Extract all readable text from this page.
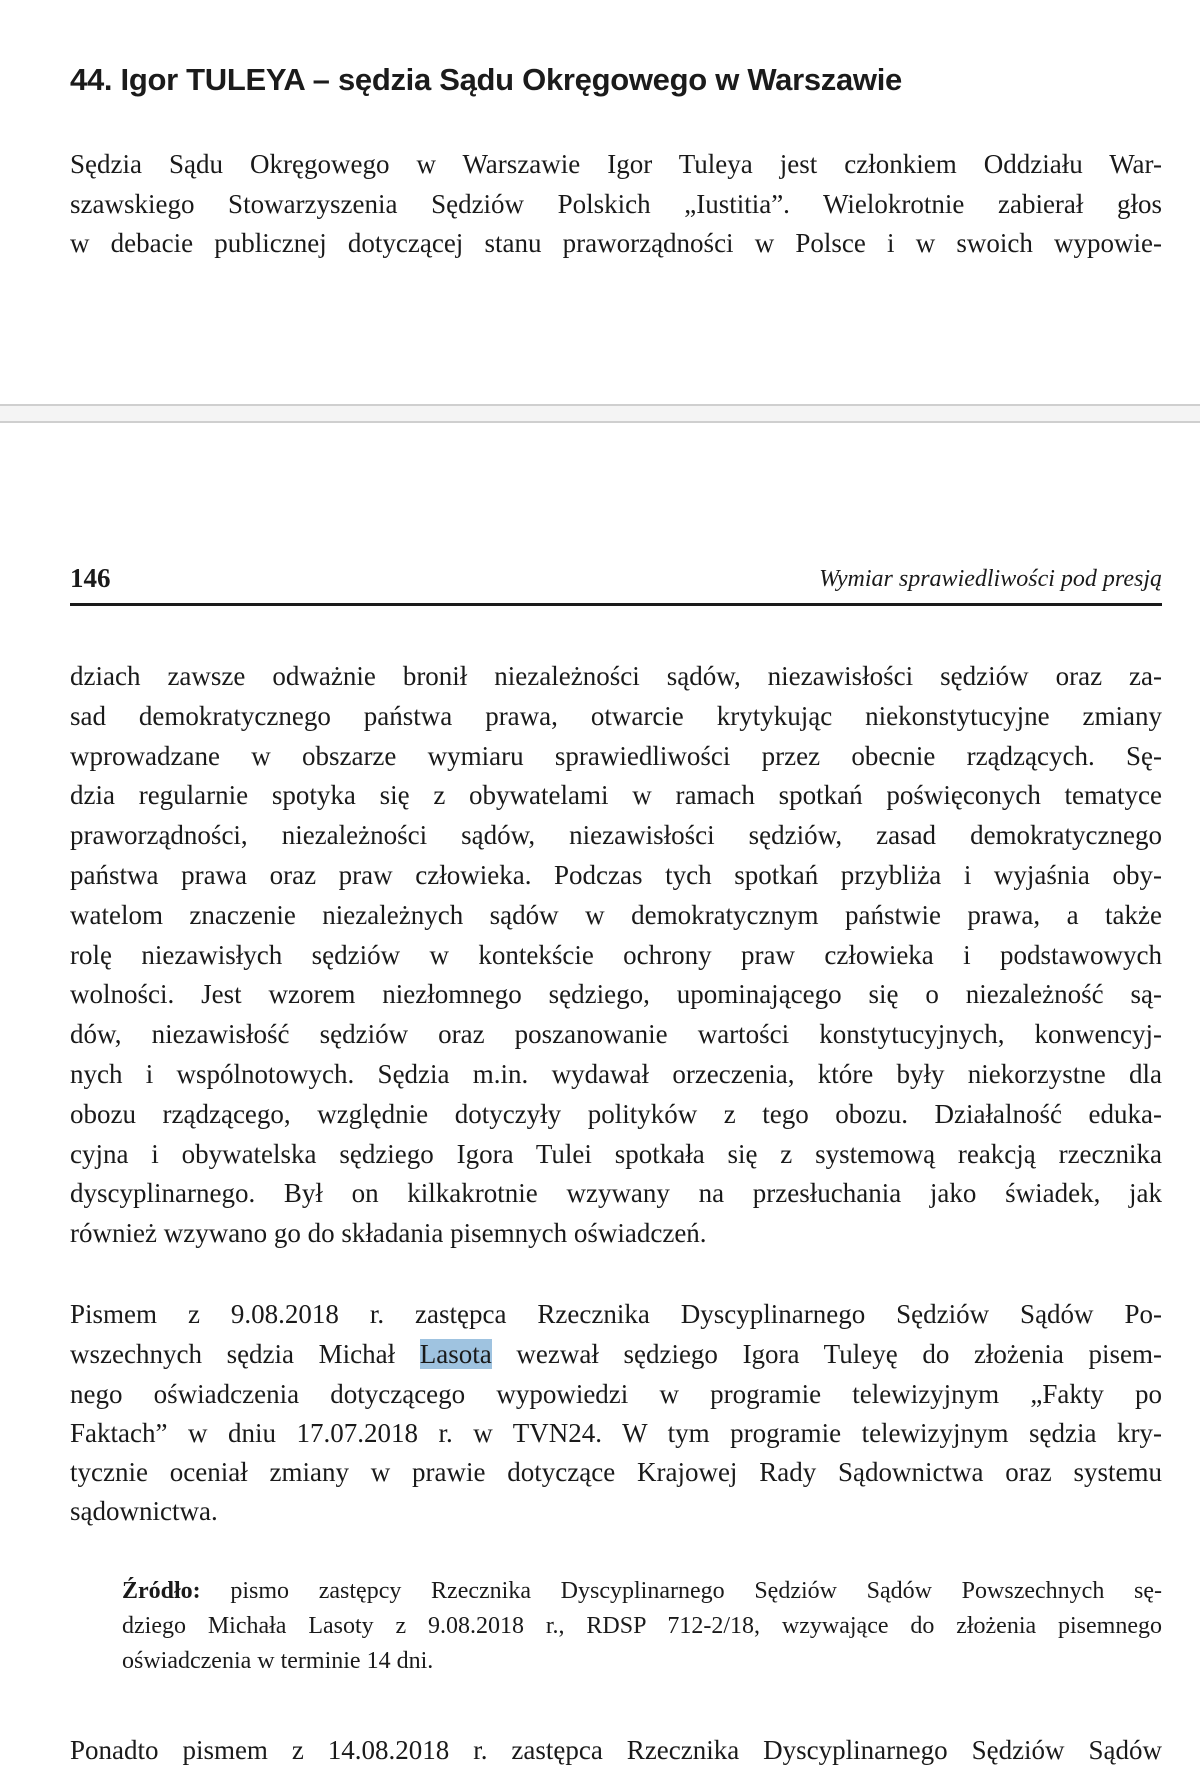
44. Igor TULEYA – sędzia Sądu Okręgowego w Warszawie
Sędzia Sądu Okręgowego w Warszawie Igor Tuleya jest członkiem Oddziału War-
szawskiego Stowarzyszenia Sędziów Polskich „Iustitia”. Wielokrotnie zabierał głos
w debacie publicznej dotyczącej stanu praworządności w Polsce i w swoich wypowie-
146	Wymiar sprawiedliwości pod presją
dziach zawsze odważnie bronił niezależności sądów, niezawisłości sędziów oraz za-
sad demokratycznego państwa prawa, otwarcie krytykując niekonstytucyjne zmiany
wprowadzane w obszarze wymiaru sprawiedliwości przez obecnie rządzących. Sę-
dzia regularnie spotyka się z obywatelami w ramach spotkań poświęconych tematyce
praworządności, niezależności sądów, niezawisłości sędziów, zasad demokratycznego
państwa prawa oraz praw człowieka. Podczas tych spotkań przybliża i wyjaśnia oby-
watelom znaczenie niezależnych sądów w demokratycznym państwie prawa, a także
rolę niezawisłych sędziów w kontekście ochrony praw człowieka i podstawowych
wolności. Jest wzorem niezłomnego sędziego, upominającego się o niezależność są-
dów, niezawisłość sędziów oraz poszanowanie wartości konstytucyjnych, konwencyj-
nych i wspólnotowych. Sędzia m.in. wydawał orzeczenia, które były niekorzystne dla
obozu rządzącego, względnie dotyczyły polityków z tego obozu. Działalność eduka-
cyjna i obywatelska sędziego Igora Tulei spotkała się z systemową reakcją rzecznika
dyscyplinarnego. Był on kilkakrotnie wzywany na przesłuchania jako świadek, jak
również wzywano go do składania pisemnych oświadczeń.
Pismem z 9.08.2018 r. zastępca Rzecznika Dyscyplinarnego Sędziów Sądów Po-
wszechnych sędzia Michał Lasota wezwał sędziego Igora Tuleyę do złożenia pisem-
nego oświadczenia dotyczącego wypowiedzi w programie telewizyjnym „Fakty po
Faktach” w dniu 17.07.2018 r. w TVN24. W tym programie telewizyjnym sędzia kry-
tycznie oceniał zmiany w prawie dotyczące Krajowej Rady Sądownictwa oraz systemu
sądownictwa.
Źródło: pismo zastępcy Rzecznika Dyscyplinarnego Sędziów Sądów Powszechnych sę-
dziego Michała Lasoty z 9.08.2018 r., RDSP 712-2/18, wzywające do złożenia pisemnego
oświadczenia w terminie 14 dni.
Ponadto pismem z 14.08.2018 r. zastępca Rzecznika Dyscyplinarnego Sędziów Sądów
